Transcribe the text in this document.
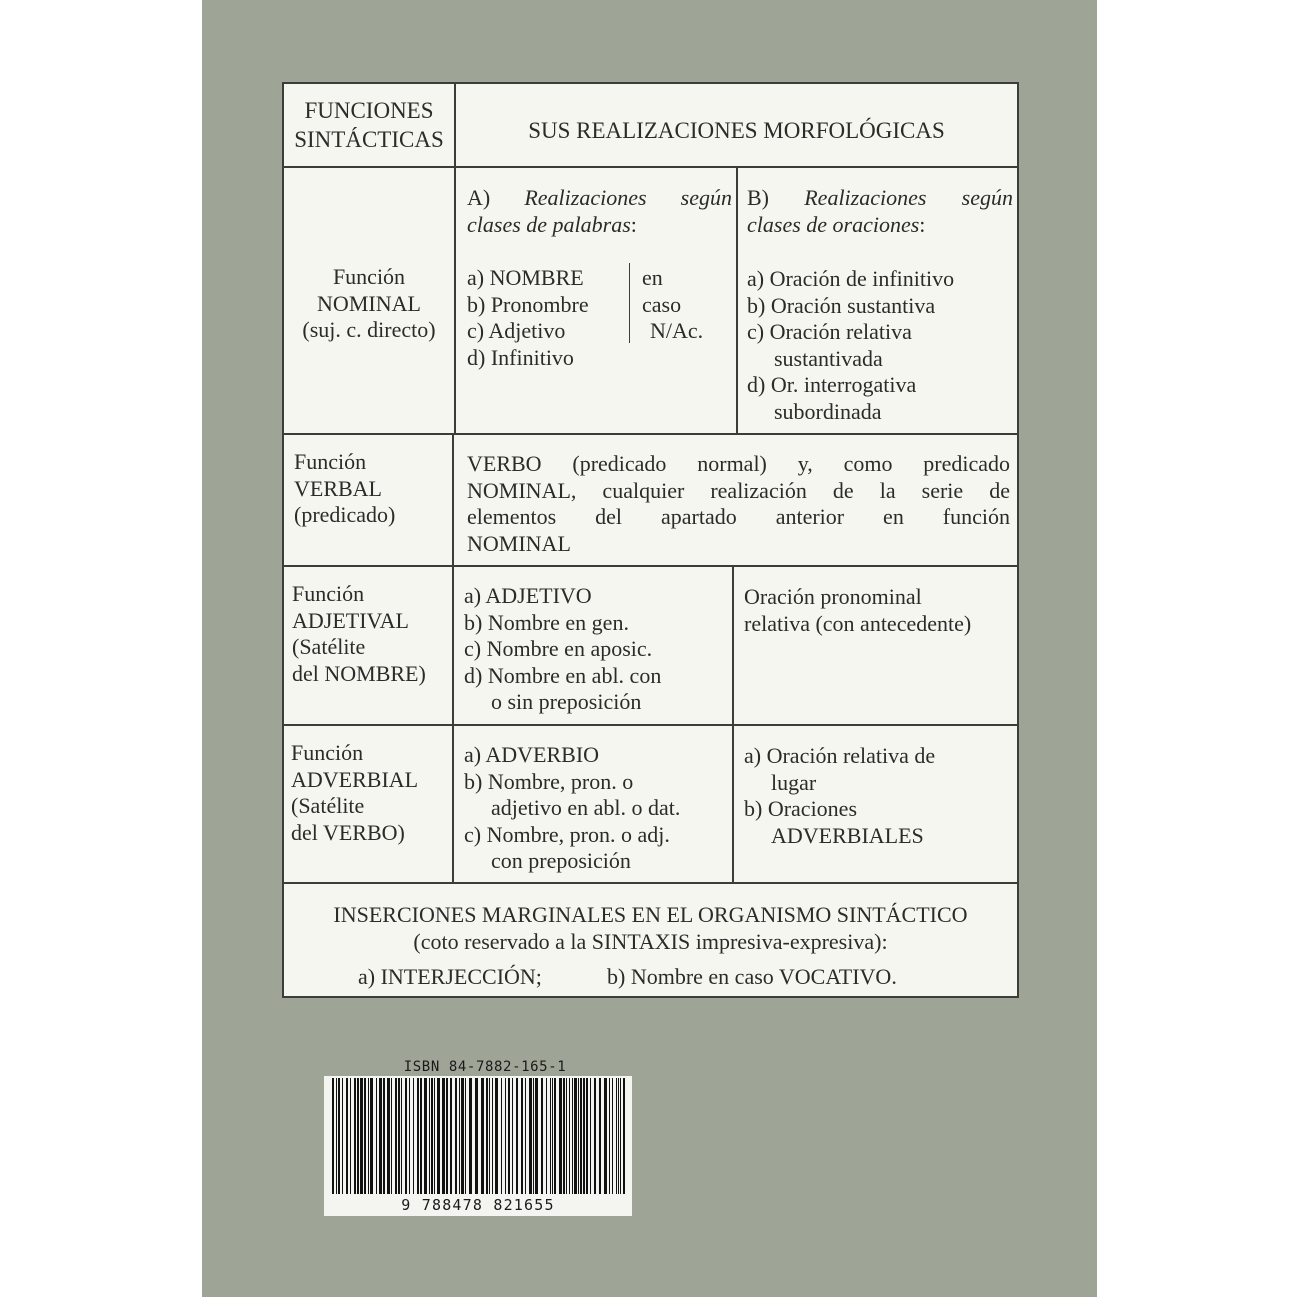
FUNCIONES
SINTÁCTICAS	SUS REALIZACIONES MORFOLÓGICAS
Función
NOMINAL
(suj. c. directo)
A) Realizaciones según
clases de palabras:
B) Realizaciones según
clases de oraciones:
a) NOMBRE
b) Pronombre
c) Adjetivo
d) Infinitivo
en
caso
N/Ac.
a) Oración de infinitivo
b) Oración sustantiva
c) Oración relativa
sustantivada
d) Or. interrogativa
subordinada
Función
VERBAL
(predicado)
VERBO (predicado normal) y, como predicado
NOMINAL, cualquier realización de la serie de
elementos del apartado anterior en función
NOMINAL
Función
ADJETIVAL
(Satélite
del NOMBRE)
a) ADJETIVO
b) Nombre en gen.
c) Nombre en aposic.
d) Nombre en abl. con
o sin preposición
Oración pronominal
relativa (con antecedente)
Función
ADVERBIAL
(Satélite
del VERBO)
a) ADVERBIO
b) Nombre, pron. o
adjetivo en abl. o dat.
c) Nombre, pron. o adj.
con preposición
a) Oración relativa de
lugar
b) Oraciones
ADVERBIALES
INSERCIONES MARGINALES EN EL ORGANISMO SINTÁCTICO
(coto reservado a la SINTAXIS impresiva-expresiva):
a) INTERJECCIÓN;	b) Nombre en caso VOCATIVO.
ISBN 84-7882-165-1
9 788478 821655
